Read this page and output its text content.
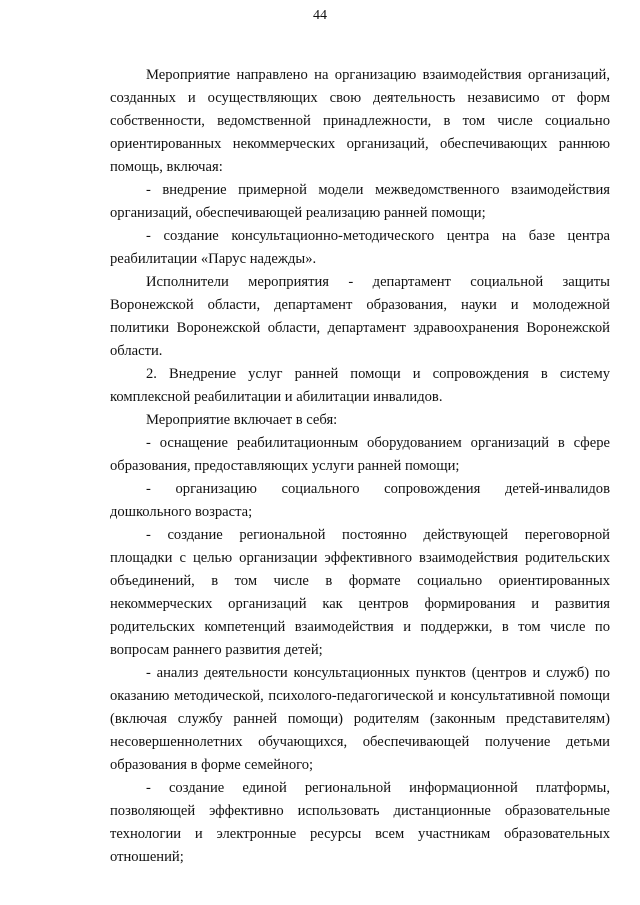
44

Мероприятие направлено на организацию взаимодействия организаций, созданных и осуществляющих свою деятельность независимо от форм собственности, ведомственной принадлежности, в том числе социально ориентированных некоммерческих организаций, обеспечивающих раннюю помощь, включая:

- внедрение примерной модели межведомственного взаимодействия организаций, обеспечивающей реализацию ранней помощи;

- создание консультационно-методического центра на базе центра реабилитации «Парус надежды».

Исполнители мероприятия - департамент социальной защиты Воронежской области, департамент образования, науки и молодежной политики Воронежской области, департамент здравоохранения Воронежской области.

2. Внедрение услуг ранней помощи и сопровождения в систему комплексной реабилитации и абилитации инвалидов.

Мероприятие включает в себя:

- оснащение реабилитационным оборудованием организаций в сфере образования, предоставляющих услуги ранней помощи;

- организацию социального сопровождения детей-инвалидов дошкольного возраста;

- создание региональной постоянно действующей переговорной площадки с целью организации эффективного взаимодействия родительских объединений, в том числе в формате социально ориентированных некоммерческих организаций как центров формирования и развития родительских компетенций взаимодействия и поддержки, в том числе по вопросам раннего развития детей;

- анализ деятельности консультационных пунктов (центров и служб) по оказанию методической, психолого-педагогической и консультативной помощи (включая службу ранней помощи) родителям (законным представителям) несовершеннолетних обучающихся, обеспечивающей получение детьми образования в форме семейного;

- создание единой региональной информационной платформы, позволяющей эффективно использовать дистанционные образовательные технологии и электронные ресурсы всем участникам образовательных отношений;
